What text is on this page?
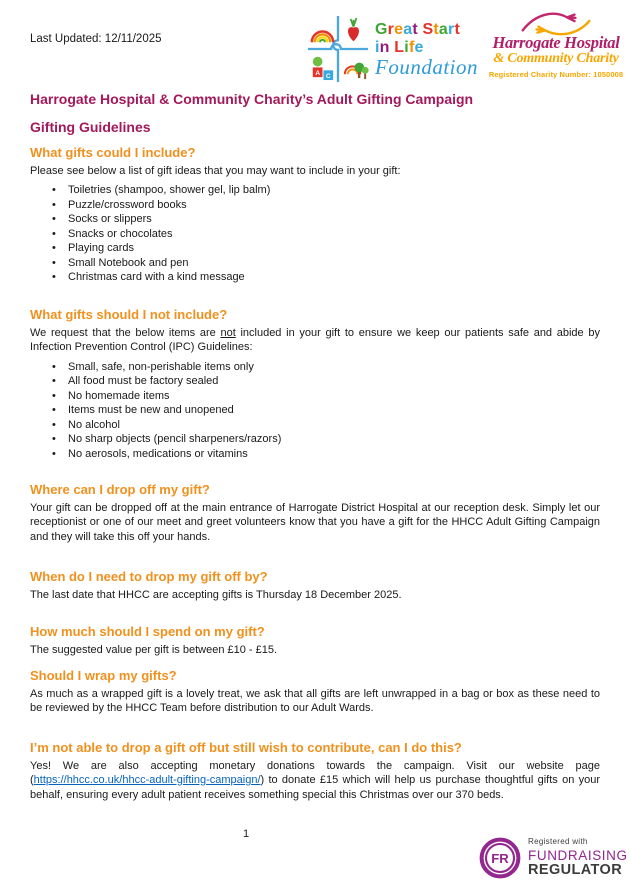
Last Updated: 12/11/2025
A C
Great Start
in Life
Foundation
Harrogate Hospital
& Community Charity
Registered Charity Number: 1050008
Harrogate Hospital & Community Charity’s Adult Gifting Campaign
Gifting Guidelines
What gifts could I include?

Please see below a list of gift ideas that you may want to include in your gift:

• Toiletries (shampoo, shower gel, lip balm)
• Puzzle/crossword books
• Socks or slippers
• Snacks or chocolates
• Playing cards
• Small Notebook and pen
• Christmas card with a kind message
What gifts should I not include?

We request that the below items are not included in your gift to ensure we keep our patients safe and abide by Infection Prevention Control (IPC) Guidelines:

• Small, safe, non-perishable items only
• All food must be factory sealed
• No homemade items
• Items must be new and unopened
• No alcohol
• No sharp objects (pencil sharpeners/razors)
• No aerosols, medications or vitamins
Where can I drop off my gift?

Your gift can be dropped off at the main entrance of Harrogate District Hospital at our reception desk. Simply let our receptionist or one of our meet and greet volunteers know that you have a gift for the HHCC Adult Gifting Campaign and they will take this off your hands.

When do I need to drop my gift off by?

The last date that HHCC are accepting gifts is Thursday 18 December 2025.

How much should I spend on my gift?

The suggested value per gift is between £10 - £15.

Should I wrap my gifts?

As much as a wrapped gift is a lovely treat, we ask that all gifts are left unwrapped in a bag or box as these need to be reviewed by the HHCC Team before distribution to our Adult Wards.

I’m not able to drop a gift off but still wish to contribute, can I do this?

Yes! We are also accepting monetary donations towards the campaign. Visit our website page (https://hhcc.co.uk/hhcc-adult-gifting-campaign/) to donate £15 which will help us purchase thoughtful gifts on your behalf, ensuring every adult patient receives something special this Christmas over our 370 beds.

1
FR
Registered with
FUNDRAISING
REGULATOR
